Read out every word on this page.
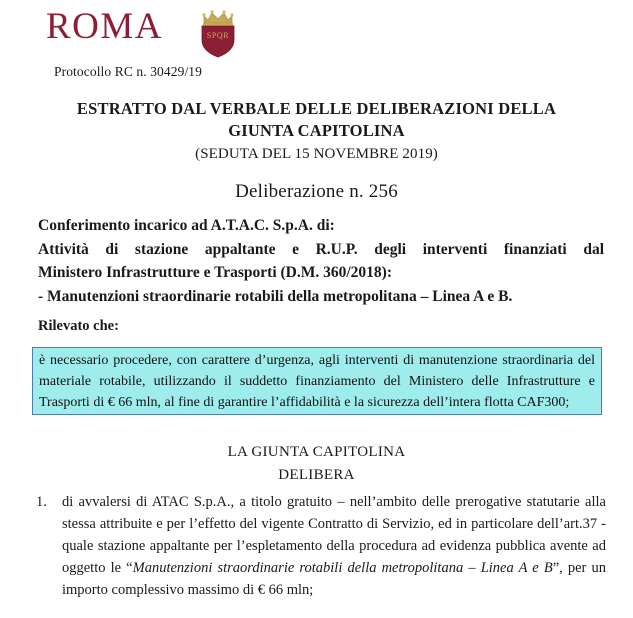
ROMA	SPQR
Protocollo RC n. 30429/19
ESTRATTO DAL VERBALE DELLE DELIBERAZIONI DELLA
GIUNTA CAPITOLINA
(SEDUTA DEL 15 NOVEMBRE 2019)
Deliberazione n. 256
Conferimento incarico ad A.T.A.C. S.p.A. di:
Attività di stazione appaltante e R.U.P. degli interventi finanziati dal
Ministero Infrastrutture e Trasporti (D.M. 360/2018):
- Manutenzioni straordinarie rotabili della metropolitana – Linea A e B.
Rilevato che:
è necessario procedere, con carattere d’urgenza, agli interventi di manutenzione straordinaria del materiale rotabile, utilizzando il suddetto finanziamento del Ministero delle Infrastrutture e Trasporti di € 66 mln, al fine di garantire l’affidabilità e la sicurezza dell’intera flotta CAF300;
LA GIUNTA CAPITOLINA
DELIBERA
1.	di avvalersi di ATAC S.p.A., a titolo gratuito – nell’ambito delle prerogative statutarie alla stessa attribuite e per l’effetto del vigente Contratto di Servizio, ed in particolare dell’art.37 - quale stazione appaltante per l’espletamento della procedura ad evidenza pubblica avente ad oggetto le “Manutenzioni straordinarie rotabili della metropolitana – Linea A e B”, per un importo complessivo massimo di € 66 mln;
